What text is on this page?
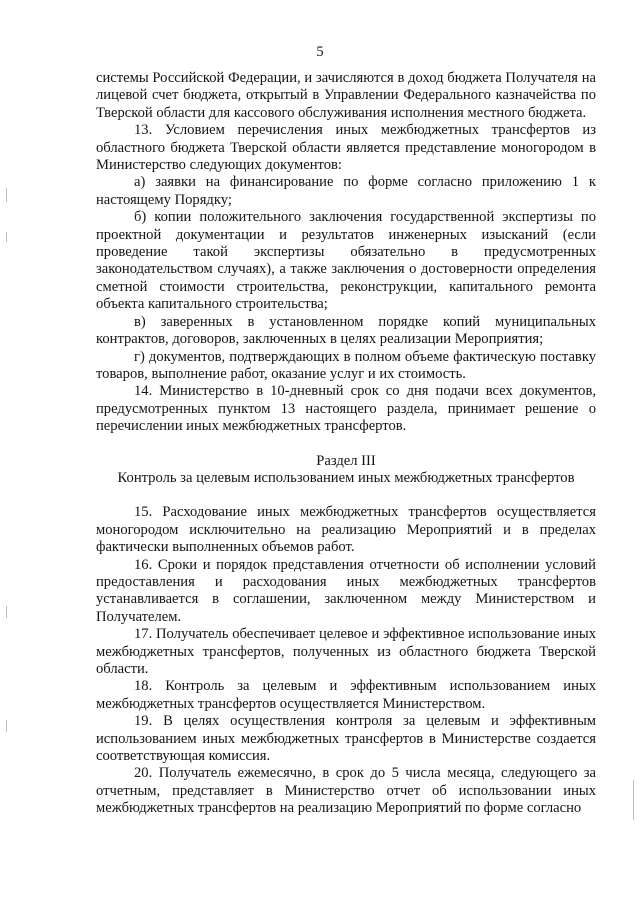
5

системы Российской Федерации, и зачисляются в доход бюджета Получателя на лицевой счет бюджета, открытый в Управлении Федерального казначейства по Тверской области для кассового обслуживания исполнения местного бюджета.

13. Условием перечисления иных межбюджетных трансфертов из областного бюджета Тверской области является представление моногородом в Министерство следующих документов:

а) заявки на финансирование по форме согласно приложению 1 к настоящему Порядку;

б) копии положительного заключения государственной экспертизы по проектной документации и результатов инженерных изысканий (если проведение такой экспертизы обязательно в предусмотренных законодательством случаях), а также заключения о достоверности определения сметной стоимости строительства, реконструкции, капитального ремонта объекта капитального строительства;

в) заверенных в установленном порядке копий муниципальных контрактов, договоров, заключенных в целях реализации Мероприятия;

г) документов, подтверждающих в полном объеме фактическую поставку товаров, выполнение работ, оказание услуг и их стоимость.

14. Министерство в 10-дневный срок со дня подачи всех документов, предусмотренных пунктом 13 настоящего раздела, принимает решение о перечислении иных межбюджетных трансфертов.

Раздел III

Контроль за целевым использованием иных межбюджетных трансфертов

15. Расходование иных межбюджетных трансфертов осуществляется моногородом исключительно на реализацию Мероприятий и в пределах фактически выполненных объемов работ.

16. Сроки и порядок представления отчетности об исполнении условий предоставления и расходования иных межбюджетных трансфертов устанавливается в соглашении, заключенном между Министерством и Получателем.

17. Получатель обеспечивает целевое и эффективное использование иных межбюджетных трансфертов, полученных из областного бюджета Тверской области.

18. Контроль за целевым и эффективным использованием иных межбюджетных трансфертов осуществляется Министерством.

19. В целях осуществления контроля за целевым и эффективным использованием иных межбюджетных трансфертов в Министерстве создается соответствующая комиссия.

20. Получатель ежемесячно, в срок до 5 числа месяца, следующего за отчетным, представляет в Министерство отчет об использовании иных межбюджетных трансфертов на реализацию Мероприятий по форме согласно
